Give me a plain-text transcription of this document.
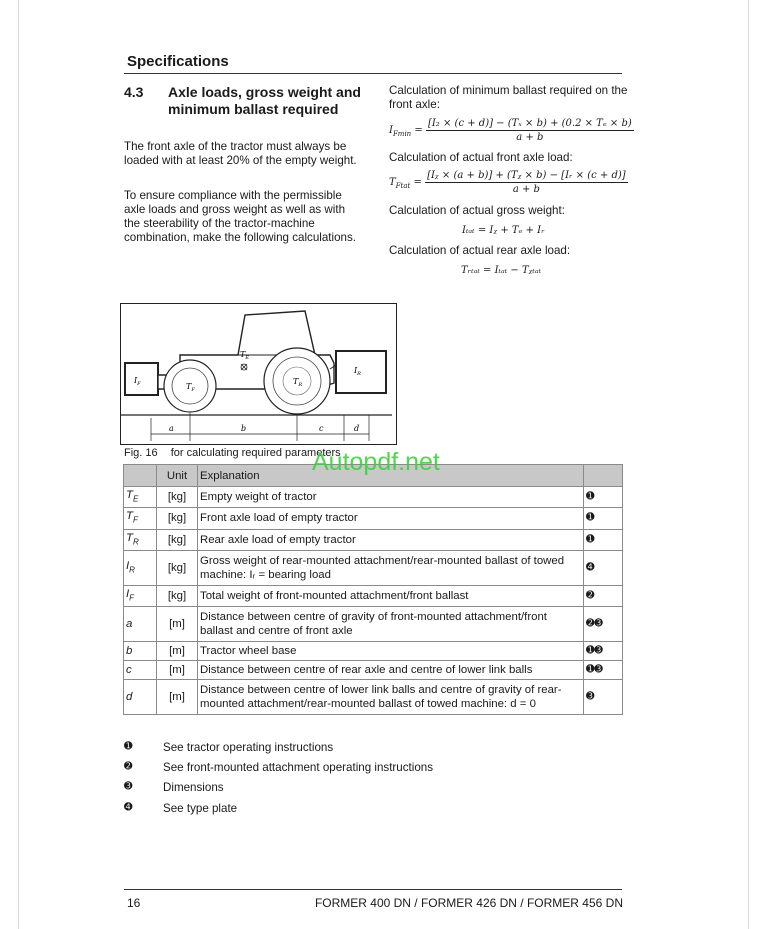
Specifications
4.3 Axle loads, gross weight and minimum ballast required
The front axle of the tractor must always be loaded with at least 20% of the empty weight.
To ensure compliance with the permissible axle loads and gross weight as well as with the steerability of the tractor-machine combination, make the following calculations.
Calculation of minimum ballast required on the front axle:
$I_{Fmin} = \frac{\text{[I₂ × (c + d)] − (Tₓ × b) + (0.2 × Tₑ × b)}}{a + b}$
Calculation of actual front axle load:
$T_{Ftat} = \frac{\text{[Iᵪ × (a + b)] + (Tᵪ × b) − [Iᵣ × (c + d)]}}{a + b}$
Calculation of actual gross weight:
Iₜₐₜ = Iᵪ + Tₑ + Iᵣ
Calculation of actual rear axle load:
Tᵣₜₐₜ = Iₜₐₜ − Tᵪₜₐₜ
$I_F$	$T_F$
$T_E$
$T_R$
$I_R$
a	b	c	d
Fig. 16 for calculating required parameters
	Unit	Explanation	
$T_E$	[kg]	Empty weight of tractor	➊
$T_F$	[kg]	Front axle load of empty tractor	➊
$T_R$	[kg]	Rear axle load of empty tractor	➊
$I_R$	[kg]	Gross weight of rear-mounted attachment/rear-mounted ballast of towed machine: Iᵣ = bearing load	➍
$I_F$	[kg]	Total weight of front-mounted attachment/front ballast	➋
a	[m]	Distance between centre of gravity of front-mounted attachment/front ballast and centre of front axle	➋➌
b	[m]	Tractor wheel base	➊➌
c	[m]	Distance between centre of rear axle and centre of lower link balls	➊➌
d	[m]	Distance between centre of lower link balls and centre of gravity of rear-mounted attachment/rear-mounted ballast of towed machine: d = 0	➌
➊	See tractor operating instructions
➋	See front-mounted attachment operating instructions
➌	Dimensions
➍	See type plate
Autopdf.net
16	FORMER 400 DN / FORMER 426 DN / FORMER 456 DN
